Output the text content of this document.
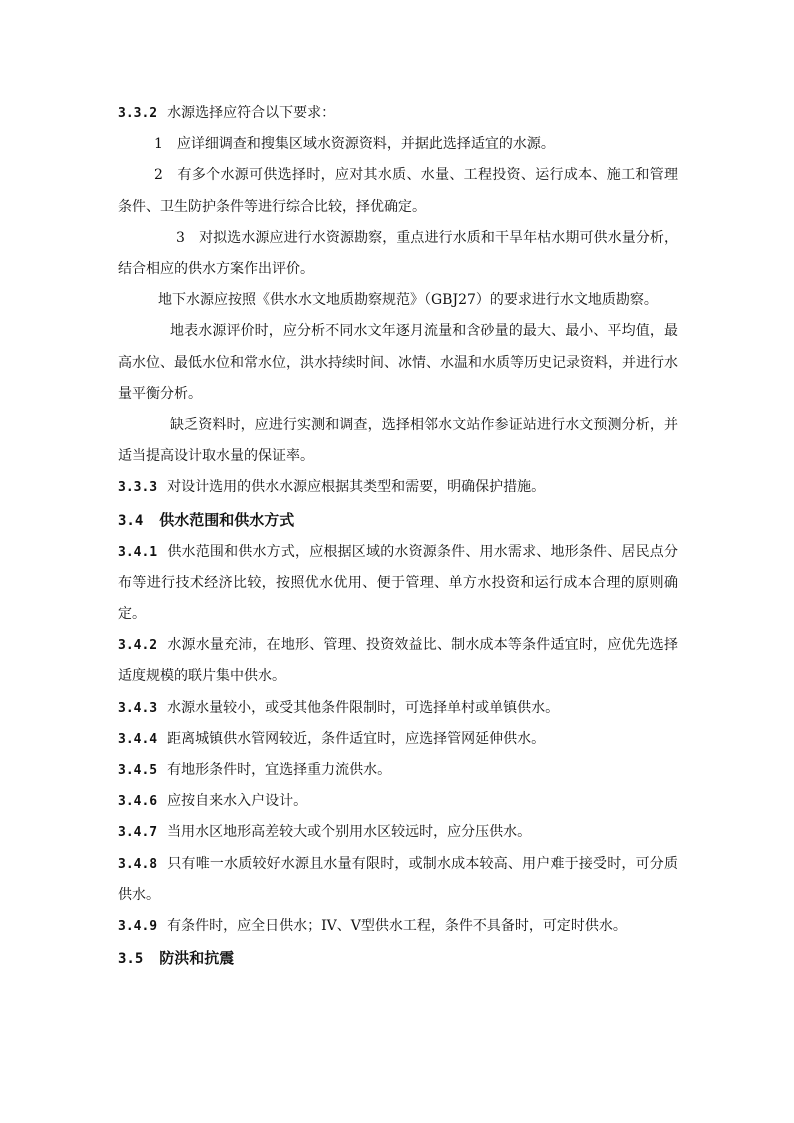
3.3.2 水源选择应符合以下要求：

1　应详细调查和搜集区域水资源资料，并据此选择适宜的水源。

2　有多个水源可供选择时，应对其水质、水量、工程投资、运行成本、施工和管理条件、卫生防护条件等进行综合比较，择优确定。

3　对拟选水源应进行水资源勘察，重点进行水质和干旱年枯水期可供水量分析，结合相应的供水方案作出评价。

地下水源应按照《供水水文地质勘察规范》（GBJ27）的要求进行水文地质勘察。

地表水源评价时，应分析不同水文年逐月流量和含砂量的最大、最小、平均值，最高水位、最低水位和常水位，洪水持续时间、冰情、水温和水质等历史记录资料，并进行水量平衡分析。

缺乏资料时，应进行实测和调查，选择相邻水文站作参证站进行水文预测分析，并适当提高设计取水量的保证率。

3.3.3 对设计选用的供水水源应根据其类型和需要，明确保护措施。

3.4 供水范围和供水方式

3.4.1 供水范围和供水方式，应根据区域的水资源条件、用水需求、地形条件、居民点分布等进行技术经济比较，按照优水优用、便于管理、单方水投资和运行成本合理的原则确定。

3.4.2 水源水量充沛，在地形、管理、投资效益比、制水成本等条件适宜时，应优先选择适度规模的联片集中供水。

3.4.3 水源水量较小，或受其他条件限制时，可选择单村或单镇供水。

3.4.4 距离城镇供水管网较近，条件适宜时，应选择管网延伸供水。

3.4.5 有地形条件时，宜选择重力流供水。

3.4.6 应按自来水入户设计。

3.4.7 当用水区地形高差较大或个别用水区较远时，应分压供水。

3.4.8 只有唯一水质较好水源且水量有限时，或制水成本较高、用户难于接受时，可分质供水。

3.4.9 有条件时，应全日供水；IV、V型供水工程，条件不具备时，可定时供水。

3.5 防洪和抗震
